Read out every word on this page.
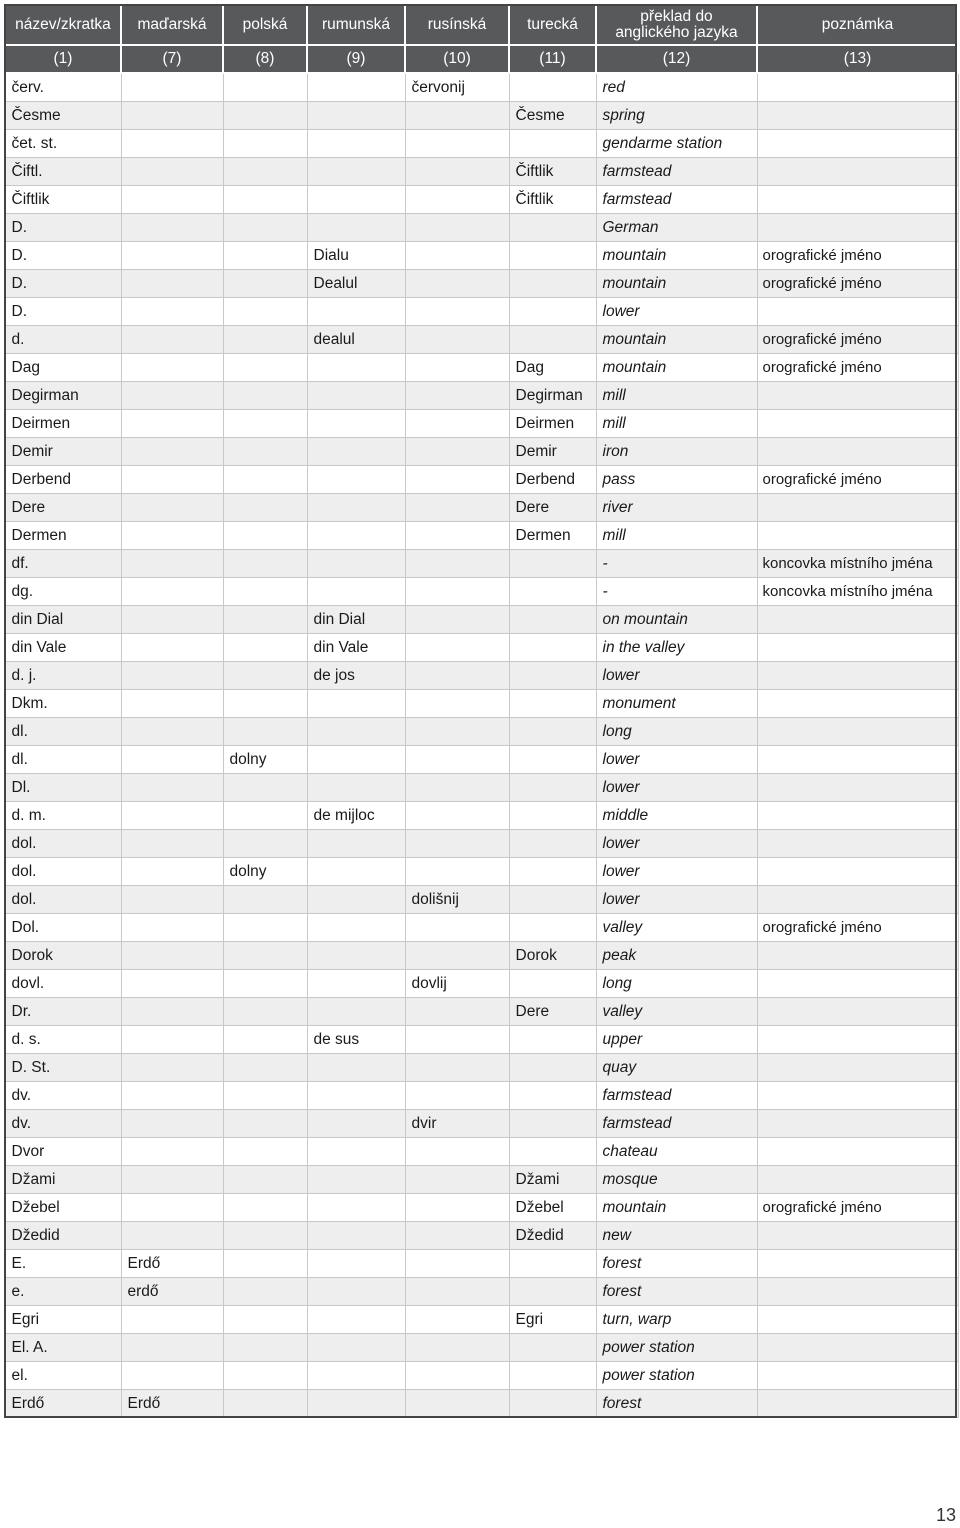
název/zkratka	maďarská	polská	rumunská	rusínská	turecká	překlad do anglického jazyka	poznámka
(1)	(7)	(8)	(9)	(10)	(11)	(12)	(13)
červ.				červonij		red	
Česme					Česme	spring	
čet. st.						gendarme station	
Čiftl.					Čiftlik	farmstead	
Čiftlik					Čiftlik	farmstead	
D.						German	
D.			Dialu			mountain	orografické jméno
D.			Dealul			mountain	orografické jméno
D.						lower	
d.			dealul			mountain	orografické jméno
Dag					Dag	mountain	orografické jméno
Degirman					Degirman	mill	
Deirmen					Deirmen	mill	
Demir					Demir	iron	
Derbend					Derbend	pass	orografické jméno
Dere					Dere	river	
Dermen					Dermen	mill	
df.						-	koncovka místního jména
dg.						-	koncovka místního jména
din Dial			din Dial			on mountain	
din Vale			din Vale			in the valley	
d. j.			de jos			lower	
Dkm.						monument	
dl.						long	
dl.		dolny				lower	
Dl.						lower	
d. m.			de mijloc			middle	
dol.						lower	
dol.		dolny				lower	
dol.				dolišnij		lower	
Dol.						valley	orografické jméno
Dorok					Dorok	peak	
dovl.				dovlij		long	
Dr.					Dere	valley	
d. s.			de sus			upper	
D. St.						quay	
dv.						farmstead	
dv.				dvir		farmstead	
Dvor						chateau	
Džami					Džami	mosque	
Džebel					Džebel	mountain	orografické jméno
Džedid					Džedid	new	
E.	Erdő					forest	
e.	erdő					forest	
Egri					Egri	turn, warp	
El. A.						power station	
el.						power station	
Erdő	Erdő					forest	
13
